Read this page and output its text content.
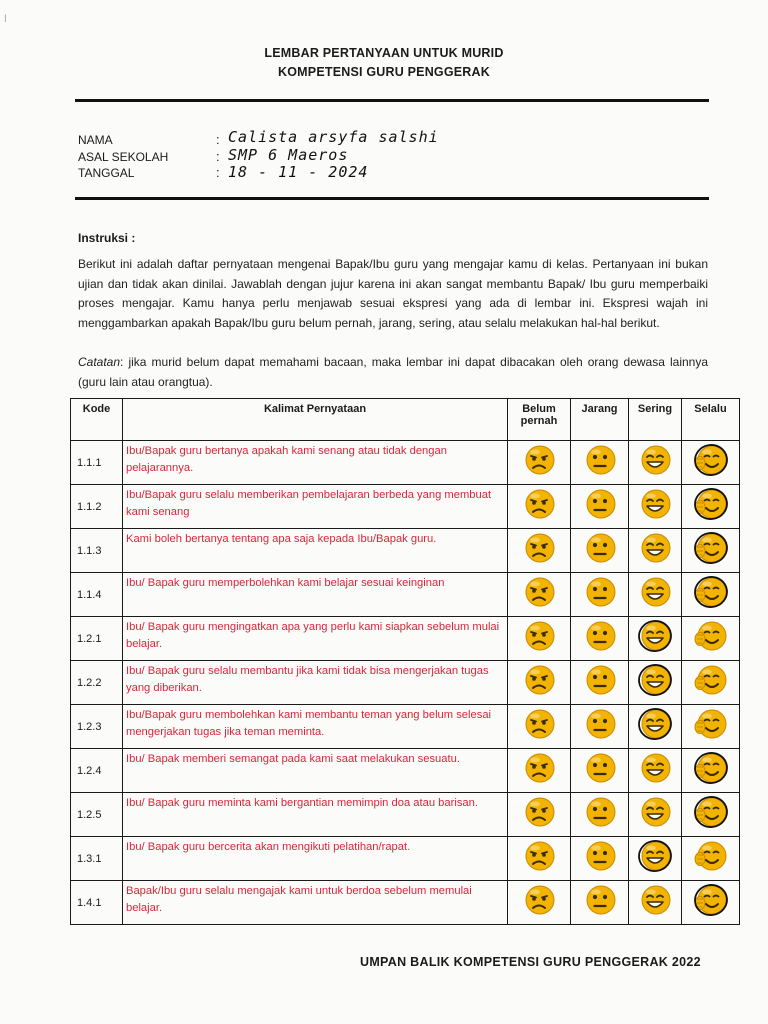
ا
LEMBAR PERTANYAAN UNTUK MURID
KOMPETENSI GURU PENGGERAK
NAMA	: Calista arsyfa salshi
ASAL SEKOLAH	: SMP 6 Maeros
TANGGAL	: 18 - 11 - 2024
Instruksi :
Berikut ini adalah daftar pernyataan mengenai Bapak/Ibu guru yang mengajar kamu di kelas. Pertanyaan ini bukan ujian dan tidak akan dinilai. Jawablah dengan jujur karena ini akan sangat membantu Bapak/ Ibu guru memperbaiki proses mengajar. Kamu hanya perlu menjawab sesuai ekspresi yang ada di lembar ini. Ekspresi wajah ini menggambarkan apakah Bapak/Ibu guru belum pernah, jarang, sering, atau selalu melakukan hal-hal berikut.
Catatan: jika murid belum dapat memahami bacaan, maka lembar ini dapat dibacakan oleh orang dewasa lainnya (guru lain atau orangtua).
Kode	Kalimat Pernyataan	Belum pernah	Jarang	Sering	Selalu
1.1.1	Ibu/Bapak guru bertanya apakah kami senang atau tidak dengan pelajarannya.	

1.1.2	Ibu/Bapak guru selalu memberikan pembelajaran berbeda yang membuat kami senang	

1.1.3	Kami boleh bertanya tentang apa saja kepada Ibu/Bapak guru.	

1.1.4	Ibu/ Bapak guru memperbolehkan kami belajar sesuai keinginan	

1.2.1	Ibu/ Bapak guru mengingatkan apa yang perlu kami siapkan sebelum mulai belajar.	

1.2.2	Ibu/ Bapak guru selalu membantu jika kami tidak bisa mengerjakan tugas yang diberikan.	

1.2.3	Ibu/Bapak guru membolehkan kami membantu teman yang belum selesai mengerjakan tugas jika teman meminta.	

1.2.4	Ibu/ Bapak memberi semangat pada kami saat melakukan sesuatu.	

1.2.5	Ibu/ Bapak guru meminta kami bergantian memimpin doa atau barisan.	

1.3.1	Ibu/ Bapak guru bercerita akan mengikuti pelatihan/rapat.	

1.4.1	Bapak/Ibu guru selalu mengajak kami untuk berdoa sebelum memulai belajar.	

UMPAN BALIK KOMPETENSI GURU PENGGERAK 2022
